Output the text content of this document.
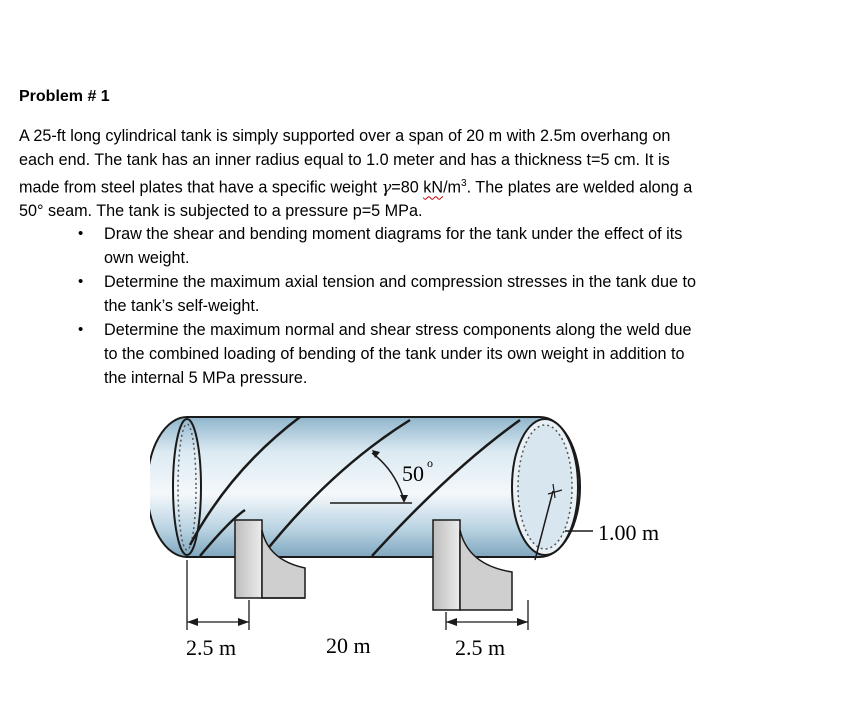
Problem # 1
A 25-ft long cylindrical tank is simply supported over a span of 20 m with 2.5m overhang on
each end. The tank has an inner radius equal to 1.0 meter and has a thickness t=5 cm. It is
made from steel plates that have a specific weight γ=80 $kN/m^3$. The plates are welded along a
50° seam. The tank is subjected to a pressure p=5 MPa.
• Draw the shear and bending moment diagrams for the tank under the effect of its
own weight.
• Determine the maximum axial tension and compression stresses in the tank due to
the tank’s self-weight.
• Determine the maximum normal and shear stress components along the weld due
to the combined loading of bending of the tank under its own weight in addition to
the internal 5 MPa pressure.
50 o
1.00 m
2.5 m	20 m	2.5 m
